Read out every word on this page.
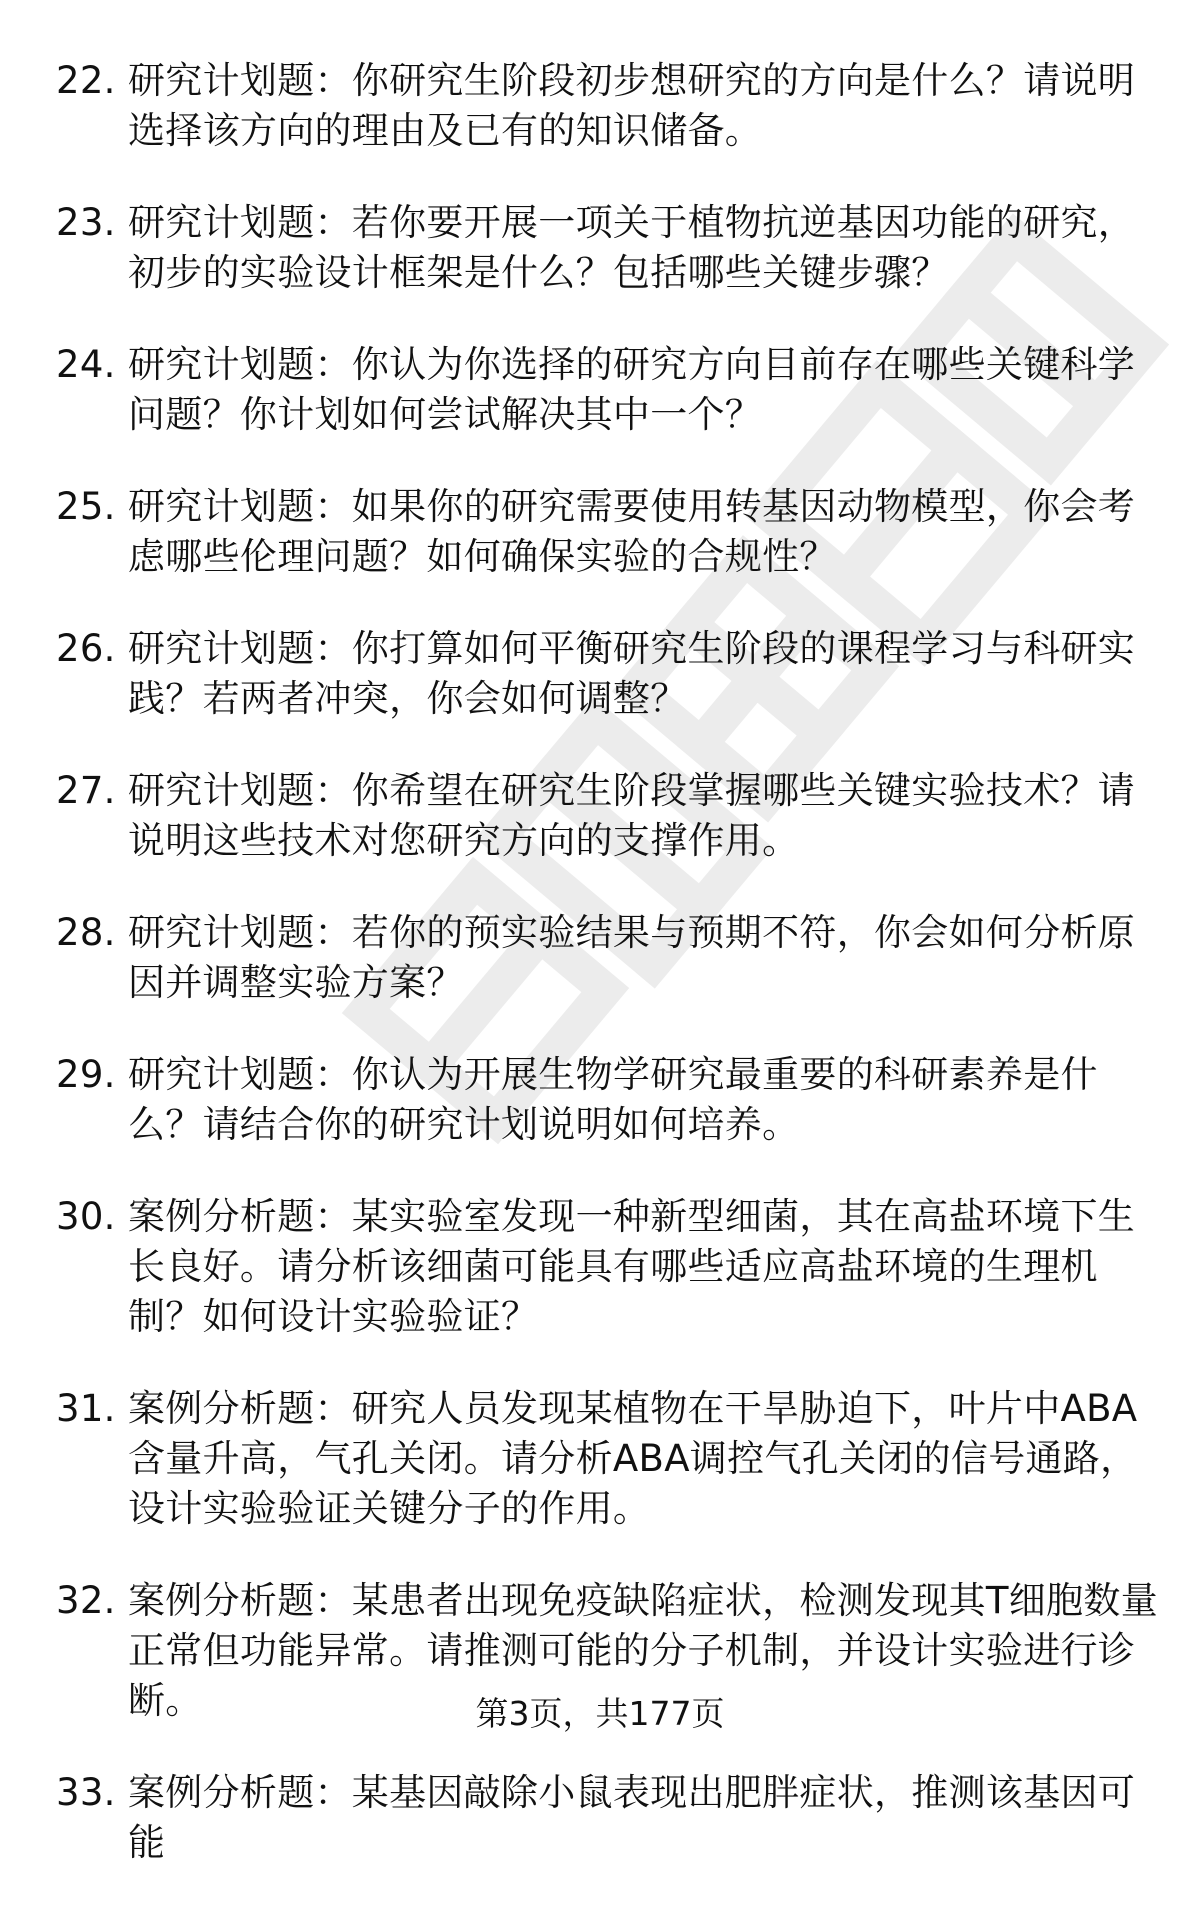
22. 研究计划题：你研究生阶段初步想研究的方向是什么？请说明选择该方向的理由及已有的知识储备。
23. 研究计划题：若你要开展一项关于植物抗逆基因功能的研究，初步的实验设计框架是什么？包括哪些关键步骤？
24. 研究计划题：你认为你选择的研究方向目前存在哪些关键科学问题？你计划如何尝试解决其中一个？
25. 研究计划题：如果你的研究需要使用转基因动物模型，你会考虑哪些伦理问题？如何确保实验的合规性？
26. 研究计划题：你打算如何平衡研究生阶段的课程学习与科研实践？若两者冲突，你会如何调整？
27. 研究计划题：你希望在研究生阶段掌握哪些关键实验技术？请说明这些技术对您研究方向的支撑作用。
28. 研究计划题：若你的预实验结果与预期不符，你会如何分析原因并调整实验方案？
29. 研究计划题：你认为开展生物学研究最重要的科研素养是什么？请结合你的研究计划说明如何培养。
30. 案例分析题：某实验室发现一种新型细菌，其在高盐环境下生长良好。请分析该细菌可能具有哪些适应高盐环境的生理机制？如何设计实验验证？
31. 案例分析题：研究人员发现某植物在干旱胁迫下，叶片中ABA含量升高，气孔关闭。请分析ABA调控气孔关闭的信号通路，设计实验验证关键分子的作用。
32. 案例分析题：某患者出现免疫缺陷症状，检测发现其T细胞数量正常但功能异常。请推测可能的分子机制，并设计实验进行诊断。
33. 案例分析题：某基因敲除小鼠表现出肥胖症状，推测该基因可能
第3页，共177页
